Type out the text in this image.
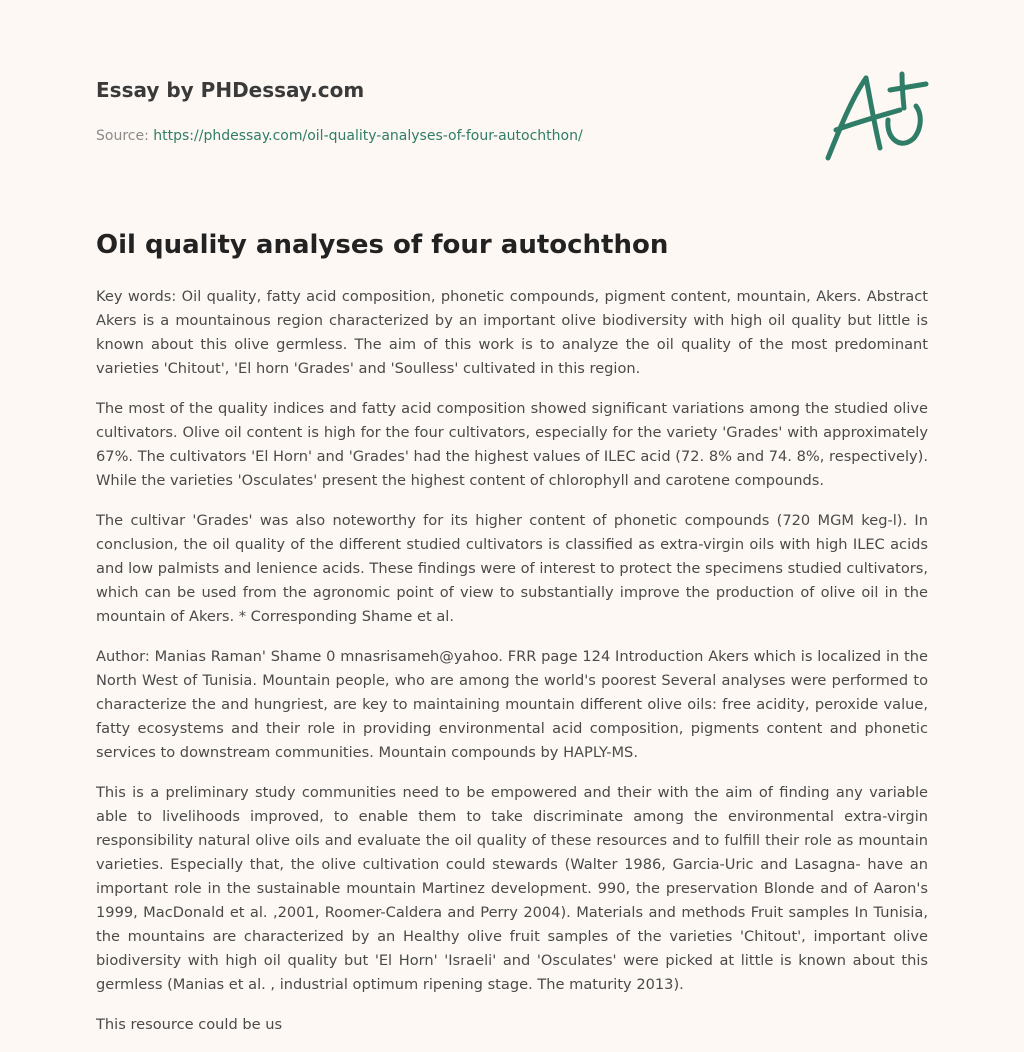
Essay by PHDessay.com
Source: https://phdessay.com/oil-quality-analyses-of-four-autochthon/
Oil quality analyses of four autochthon

Key words: Oil quality, fatty acid composition, phonetic compounds, pigment content, mountain, Akers. Abstract Akers is a mountainous region characterized by an important olive biodiversity with high oil quality but little is known about this olive germless. The aim of this work is to analyze the oil quality of the most predominant varieties 'Chitout', 'El horn 'Grades' and 'Soulless' cultivated in this region.

The most of the quality indices and fatty acid composition showed significant variations among the studied olive cultivators. Olive oil content is high for the four cultivators, especially for the variety 'Grades' with approximately 67%. The cultivators 'El Horn' and 'Grades' had the highest values of ILEC acid (72. 8% and 74. 8%, respectively). While the varieties 'Osculates' present the highest content of chlorophyll and carotene compounds.

The cultivar 'Grades' was also noteworthy for its higher content of phonetic compounds (720 MGM keg-l). In conclusion, the oil quality of the different studied cultivators is classified as extra-virgin oils with high ILEC acids and low palmists and lenience acids. These findings were of interest to protect the specimens studied cultivators, which can be used from the agronomic point of view to substantially improve the production of olive oil in the mountain of Akers. * Corresponding Shame et al.

Author: Manias Raman' Shame 0 mnasrisameh@yahoo. FRR page 124 Introduction Akers which is localized in the North West of Tunisia. Mountain people, who are among the world's poorest Several analyses were performed to characterize the and hungriest, are key to maintaining mountain different olive oils: free acidity, peroxide value, fatty ecosystems and their role in providing environmental acid composition, pigments content and phonetic services to downstream communities. Mountain compounds by HAPLY-MS.

This is a preliminary study communities need to be empowered and their with the aim of finding any variable able to livelihoods improved, to enable them to take discriminate among the environmental extra-virgin responsibility natural olive oils and evaluate the oil quality of these resources and to fulfill their role as mountain varieties. Especially that, the olive cultivation could stewards (Walter 1986, Garcia-Uric and Lasagna- have an important role in the sustainable mountain Martinez development. 990, the preservation Blonde and of Aaron's 1999, MacDonald et al. ,2001, Roomer-Caldera and Perry 2004). Materials and methods Fruit samples In Tunisia, the mountains are characterized by an Healthy olive fruit samples of the varieties 'Chitout', important olive biodiversity with high oil quality but 'El Horn' 'Israeli' and 'Osculates' were picked at little is known about this germless (Manias et al. , industrial optimum ripening stage. The maturity 2013).

This resource could be us
